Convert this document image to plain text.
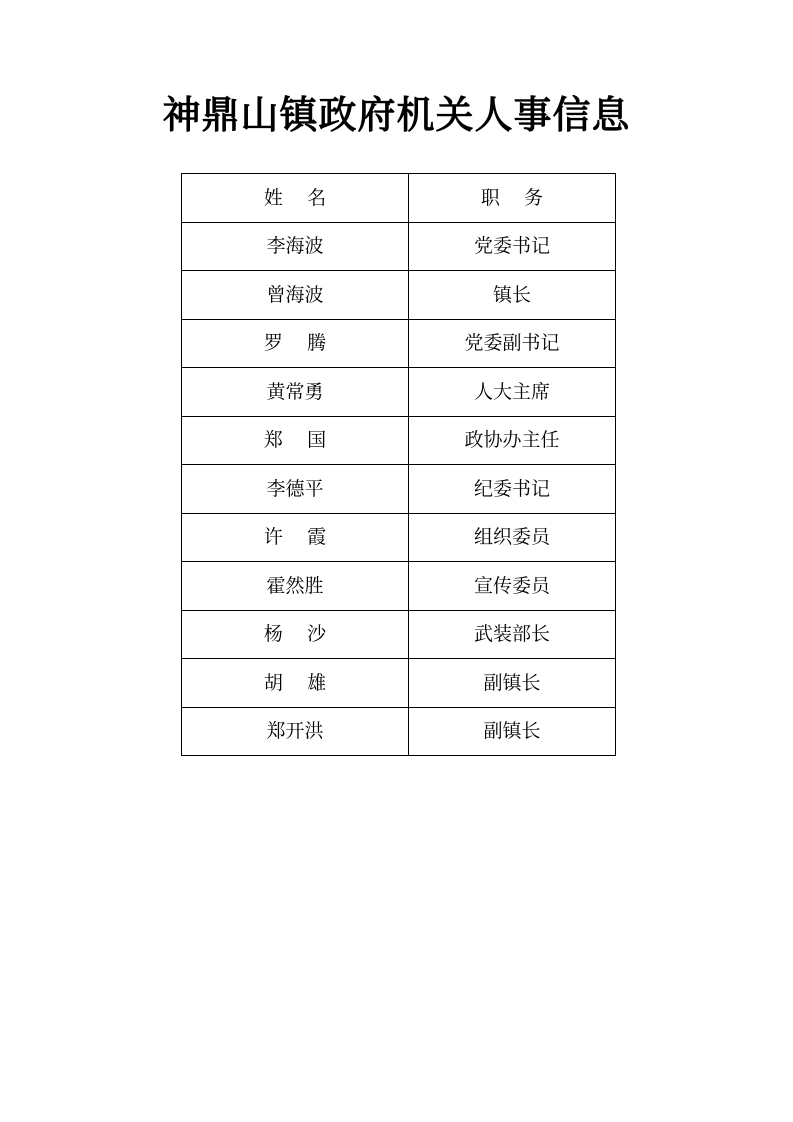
神鼎山镇政府机关人事信息
姓    名	职    务
李海波	党委书记
曾海波	镇长
罗    腾	党委副书记
黄常勇	人大主席
郑    国	政协办主任
李德平	纪委书记
许    霞	组织委员
霍然胜	宣传委员
杨    沙	武装部长
胡    雄	副镇长
郑开洪	副镇长
